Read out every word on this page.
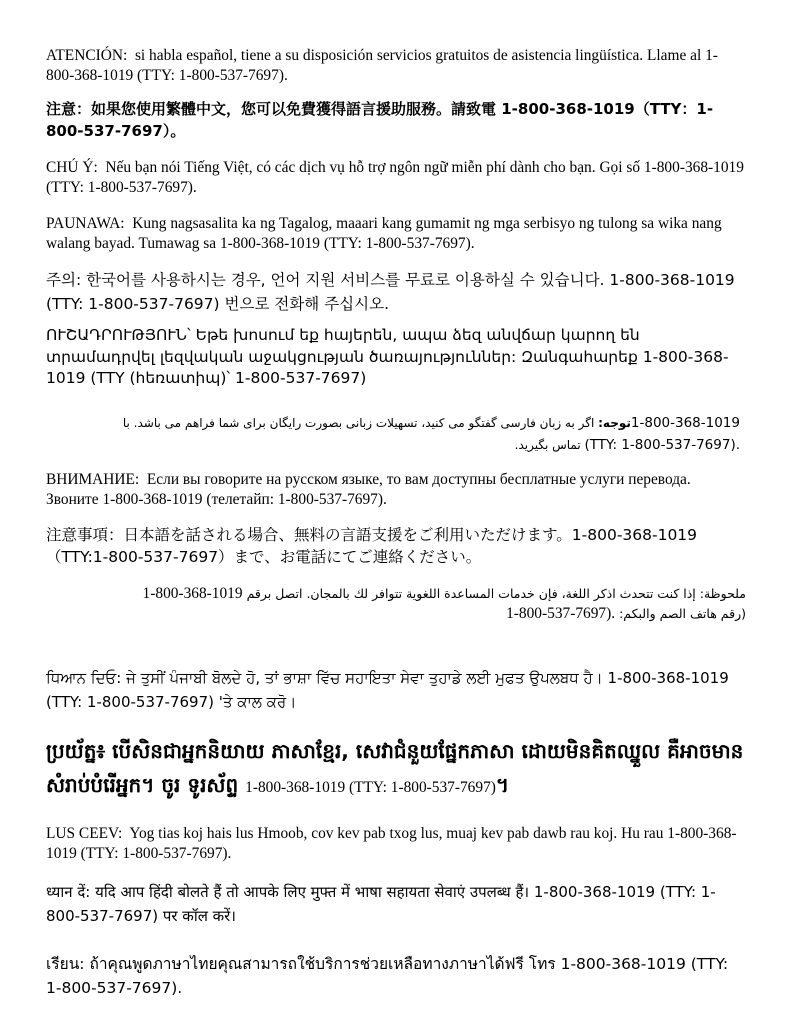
ATENCIÓN: si habla español, tiene a su disposición servicios gratuitos de asistencia lingüística. Llame al 1-800-368-1019 (TTY: 1-800-537-7697).

注意：如果您使用繁體中文，您可以免費獲得語言援助服務。請致電 1-800-368-1019（TTY：1-800-537-7697）。

CHÚ Ý: Nếu bạn nói Tiếng Việt, có các dịch vụ hỗ trợ ngôn ngữ miễn phí dành cho bạn. Gọi số 1-800-368-1019 (TTY: 1-800-537-7697).

PAUNAWA: Kung nagsasalita ka ng Tagalog, maaari kang gumamit ng mga serbisyo ng tulong sa wika nang walang bayad. Tumawag sa 1-800-368-1019 (TTY: 1-800-537-7697).

주의: 한국어를 사용하시는 경우, 언어 지원 서비스를 무료로 이용하실 수 있습니다. 1-800-368-1019 (TTY: 1-800-537-7697) 번으로 전화해 주십시오.

ՈՒՇԱԴՐՈՒԹՅՈՒՆ՝ Եթե խոսում եք հայերեն, ապա ձեզ անվճար կարող են տրամադրվել լեզվական աջակցության ծառայություններ: Զանգահարեք 1-800-368-1019 (TTY (հեռատիպ)՝ 1-800-537-7697)

1-800-368-1019توجه: اگر به زبان فارسی گفتگو می کنید، تسهیلات زبانی بصورت رایگان برای شما فراهم می باشد. با

(TTY: 1-800-537-7697). تماس بگیرید.

ВНИМАНИЕ: Если вы говорите на русском языке, то вам доступны бесплатные услуги перевода. Звоните 1-800-368-1019 (телетайп: 1-800-537-7697).

注意事項：日本語を話される場合、無料の言語支援をご利用いただけます。1-800-368-1019（TTY:1-800-537-7697）まで、お電話にてご連絡ください。

ملحوظة: إذا كنت تتحدث اذكر اللغة، فإن خدمات المساعدة اللغوية تتوافر لك بالمجان. اتصل برقم 1-800-368-1019

(رقم هاتف الصم والبكم: 1-800-537-7697).

ਧਿਆਨ ਦਿਓ: ਜੇ ਤੁਸੀਂ ਪੰਜਾਬੀ ਬੋਲਦੇ ਹੋ, ਤਾਂ ਭਾਸ਼ਾ ਵਿੱਚ ਸਹਾਇਤਾ ਸੇਵਾ ਤੁਹਾਡੇ ਲਈ ਮੁਫਤ ਉਪਲਬਧ ਹੈ। 1-800-368-1019 (TTY: 1-800-537-7697) 'ਤੇ ਕਾਲ ਕਰੋ।

ប្រយ័ត្ន៖ បើសិនជាអ្នកនិយាយ ភាសាខ្មែរ, សេវាជំនួយផ្នែកភាសា ដោយមិនគិតឈ្នួល គឺអាចមានសំរាប់បំរើអ្នក។ ចូរ ទូរស័ព្ទ 1-800-368-1019 (TTY: 1-800-537-7697)។

LUS CEEV: Yog tias koj hais lus Hmoob, cov kev pab txog lus, muaj kev pab dawb rau koj. Hu rau 1-800-368-1019 (TTY: 1-800-537-7697).

ध्यान दें: यदि आप हिंदी बोलते हैं तो आपके लिए मुफ्त में भाषा सहायता सेवाएं उपलब्ध हैं। 1-800-368-1019 (TTY: 1-800-537-7697) पर कॉल करें।

เรียน: ถ้าคุณพูดภาษาไทยคุณสามารถใช้บริการช่วยเหลือทางภาษาได้ฟรี โทร 1-800-368-1019 (TTY: 1-800-537-7697).
